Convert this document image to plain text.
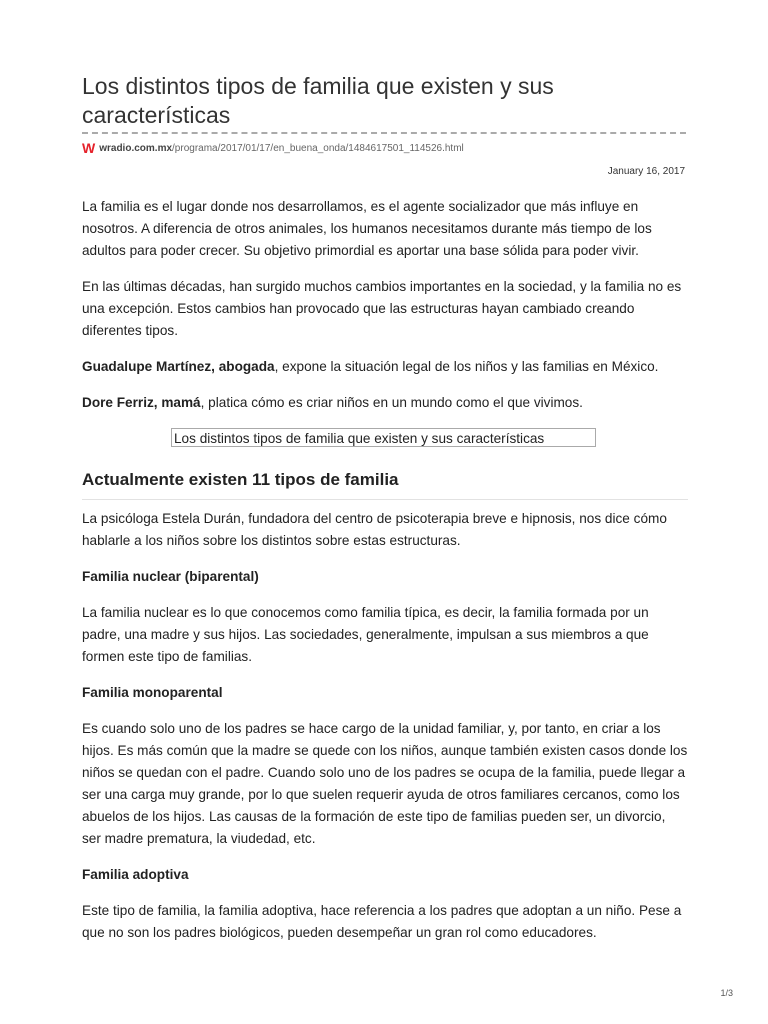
Los distintos tipos de familia que existen y sus características
W wradio.com.mx /programa/2017/01/17/en_buena_onda/1484617501_114526.html
January 16, 2017

La familia es el lugar donde nos desarrollamos, es el agente socializador que más influye en nosotros. A diferencia de otros animales, los humanos necesitamos durante más tiempo de los adultos para poder crecer. Su objetivo primordial es aportar una base sólida para poder vivir.

En las últimas décadas, han surgido muchos cambios importantes en la sociedad, y la familia no es una excepción. Estos cambios han provocado que las estructuras hayan cambiado creando diferentes tipos.

Guadalupe Martínez, abogada, expone la situación legal de los niños y las familias en México.

Dore Ferriz, mamá, platica cómo es criar niños en un mundo como el que vivimos.

Los distintos tipos de familia que existen y sus características
Actualmente existen 11 tipos de familia

La psicóloga Estela Durán, fundadora del centro de psicoterapia breve e hipnosis, nos dice cómo hablarle a los niños sobre los distintos sobre estas estructuras.

Familia nuclear (biparental)

La familia nuclear es lo que conocemos como familia típica, es decir, la familia formada por un padre, una madre y sus hijos. Las sociedades, generalmente, impulsan a sus miembros a que formen este tipo de familias.

Familia monoparental

Es cuando solo uno de los padres se hace cargo de la unidad familiar, y, por tanto, en criar a los hijos. Es más común que la madre se quede con los niños, aunque también existen casos donde los niños se quedan con el padre. Cuando solo uno de los padres se ocupa de la familia, puede llegar a ser una carga muy grande, por lo que suelen requerir ayuda de otros familiares cercanos, como los abuelos de los hijos. Las causas de la formación de este tipo de familias pueden ser, un divorcio, ser madre prematura, la viudedad, etc.

Familia adoptiva

Este tipo de familia, la familia adoptiva, hace referencia a los padres que adoptan a un niño. Pese a que no son los padres biológicos, pueden desempeñar un gran rol como educadores.

1/3
